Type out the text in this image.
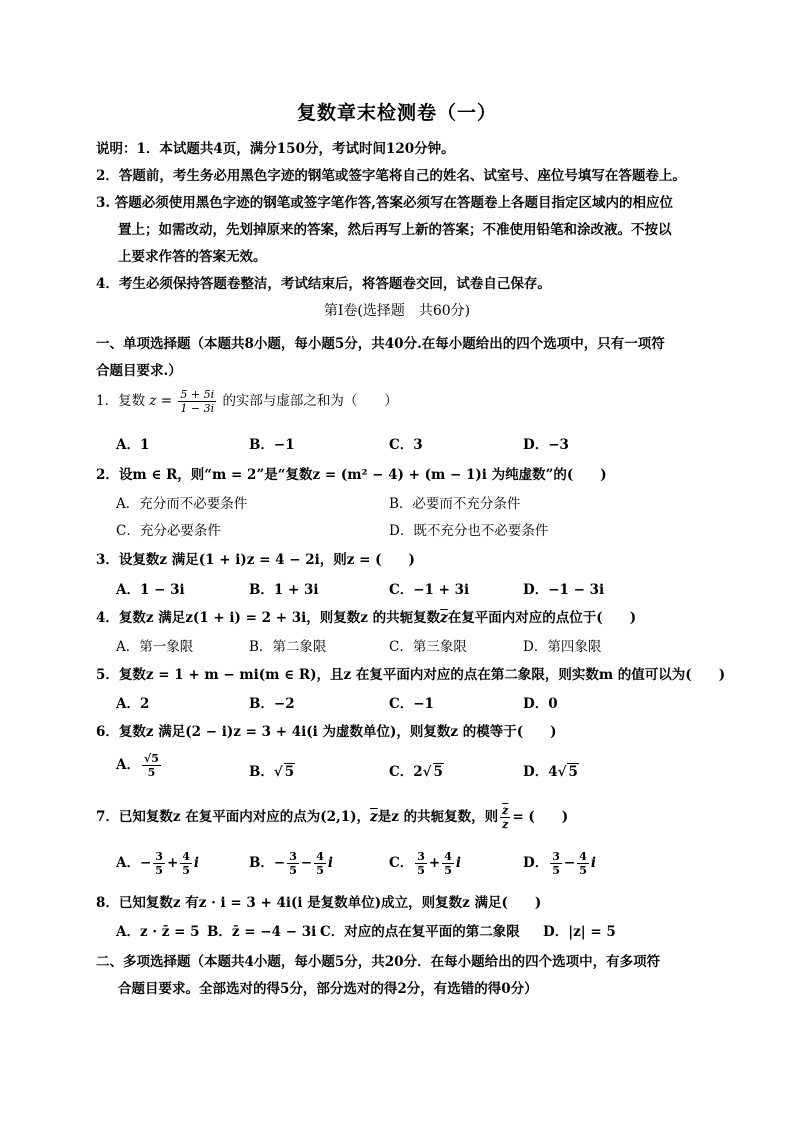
复数章末检测卷（一）
说明：1．本试题共4页，满分150分，考试时间120分钟。
2．答题前，考生务必用黑色字迹的钢笔或签字笔将自己的姓名、试室号、座位号填写在答题卷上。
3. 答题必须使用黑色字迹的钢笔或签字笔作答,答案必须写在答题卷上各题目指定区域内的相应位
置上；如需改动，先划掉原来的答案，然后再写上新的答案；不准使用铅笔和涂改液。不按以
上要求作答的答案无效。
4．考生必须保持答题卷整洁，考试结束后，将答题卷交回，试卷自己保存。
第Ⅰ卷(选择题　共60分)
一、单项选择题（本题共8小题，每小题5分，共40分.在每小题给出的四个选项中，只有一项符
合题目要求.）
1．复数 $z = \frac{5 + 5i}{1 - 3i}$ 的实部与虚部之和为（　　）
A．1	B．−1	C．3	D．−3
2．设m ∈ R，则“m = 2”是“复数z = (m² − 4) + (m − 1)i 为纯虚数”的(　　)
A．充分而不必要条件	B．必要而不充分条件
C．充分必要条件	D．既不充分也不必要条件
3．设复数z 满足(1 + i)z = 4 − 2i，则z = (　　)
A．1 − 3i	B．1 + 3i	C．−1 + 3i	D．−1 − 3i
4．复数z 满足z(1 + i) = 2 + 3i，则复数z 的共轭复数$\overline{z}$在复平面内对应的点位于(　　)
A．第一象限	B．第二象限	C．第三象限	D．第四象限
5．复数z = 1 + m − mi(m ∈ R)，且z 在复平面内对应的点在第二象限，则实数m 的值可以为(　　)
A．2	B．−2	C．−1	D．0
6．复数z 满足(2 − i)z = 3 + 4i(i 为虚数单位)，则复数z 的模等于(　　)
A． $\frac{√5}{5}$	B．√ 5	C．2√ 5	D．4√ 5
7．已知复数z 在复平面内对应的点为(2,1)，$\overline{z}$是z 的共轭复数，则 $\frac{\overline{z}}{z}$ = (　　)
A．− $\frac{3}{5} + \frac{4}{5}$ i	B．− $\frac{3}{5} - \frac{4}{5}$ i	C． $\frac{3}{5} + \frac{4}{5}$ i	D． $\frac{3}{5} - \frac{4}{5}$ i
8．已知复数z 有z · i = 3 + 4i(i 是复数单位)成立，则复数z 满足(　　)
A．z · z̄ = 5 B．z̄ = −4 − 3i C．对应的点在复平面的第二象限 D．|z| = 5
二、多项选择题（本题共4小题，每小题5分，共20分．在每小题给出的四个选项中，有多项符
合题目要求。全部选对的得5分，部分选对的得2分，有选错的得0分）
